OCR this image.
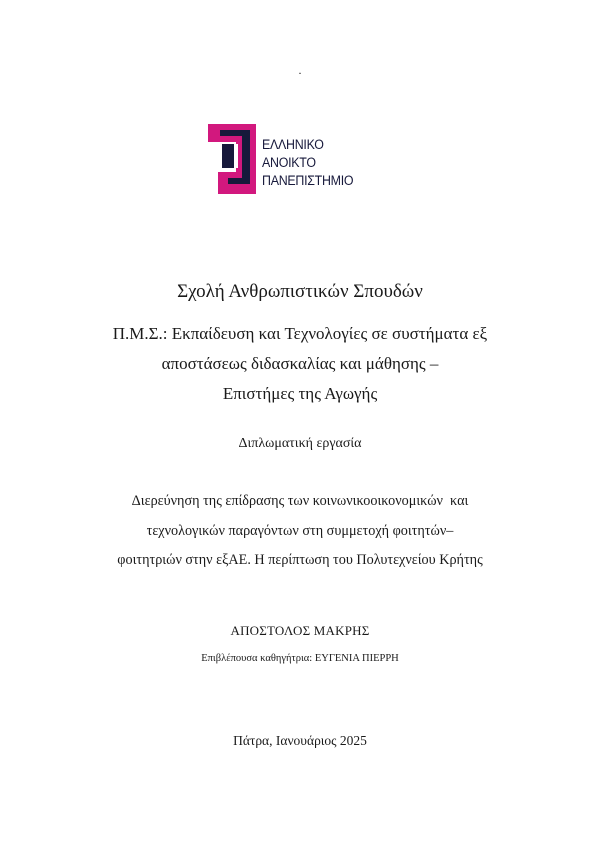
.
ΕΛΛΗΝΙΚΟ
ΑΝΟΙΚΤΟ
ΠΑΝΕΠΙΣΤΗΜΙΟ
Σχολή Ανθρωπιστικών Σπουδών
Π.Μ.Σ.: Εκπαίδευση και Τεχνολογίες σε συστήματα εξ
αποστάσεως διδασκαλίας και μάθησης –
Επιστήμες της Αγωγής
Διπλωματική εργασία
Διερεύνηση της επίδρασης των κοινωνικοοικονομικών  και
τεχνολογικών παραγόντων στη συμμετοχή φοιτητών–
φοιτητριών στην εξΑΕ. Η περίπτωση του Πολυτεχνείου Κρήτης
ΑΠΟΣΤΟΛΟΣ ΜΑΚΡΗΣ
Επιβλέπουσα καθηγήτρια: ΕΥΓΕΝΙΑ ΠΙΕΡΡΗ
Πάτρα, Ιανουάριος 2025
